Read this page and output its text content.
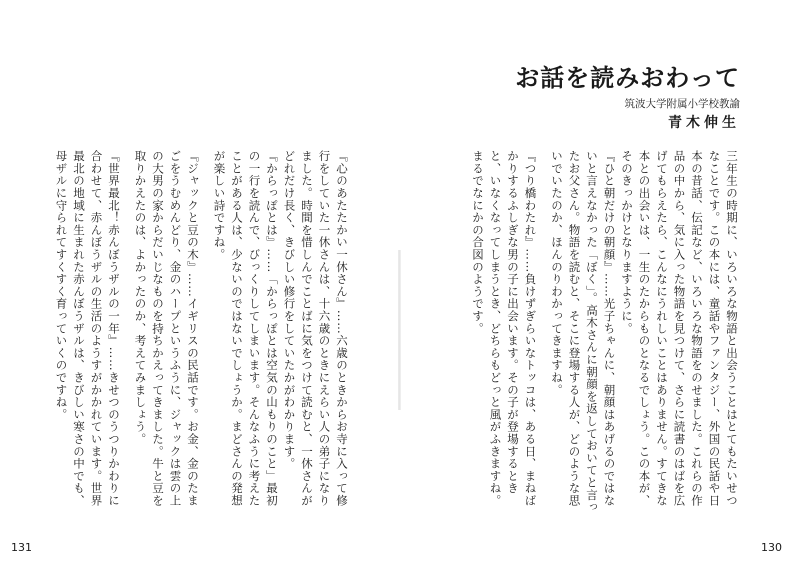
『心のあたたかい一休さん』……六歳のときからお寺に入って修行をしていた一休さんは、十六歳のときにえらい人の弟子になりました。時間を惜しんでことばに気をつけて読むと、一休さんがどれだけ長く、きびしい修行をしていたかがわかります。

『からっぽとは』……「からっぽとは空気の山もりのこと」最初の一行を読んで、びっくりしてしまいます。そんなふうに考えたことがある人は、少ないのではないでしょうか。まどさんの発想が楽しい詩ですね。

『ジャックと豆の木』……イギリスの民話です。お金、金のたまごをうむめんどり、金のハープというふうに、ジャックは雲の上の大男の家からだいじなものを持ちかえってきました。牛と豆を取りかえたのは、よかったのか、考えてみましょう。

『世界最北！赤んぼうザルの一年』……きせつのうつりかわりに合わせて、赤んぼうザルの生活のようすがかかれています。世界最北の地域に生まれた赤んぼうザルは、きびしい寒さの中でも、母ザルに守られてすくすく育っていくのですね。

131
お話を読みおわって
筑波大学附属小学校教諭
青木伸生

三年生の時期に、いろいろな物語と出会うことはとてもたいせつなことです。この本には、童話やファンタジー、外国の民話や日本の昔話、伝記など、いろいろな物語をのせました。これらの作品の中から、気に入った物語を見つけて、さらに読書のはばを広げてもらえたら、こんなにうれしいことはありません。すてきな本との出会いは、一生のたからものとなるでしょう。この本が、そのきっかけとなりますように。

『ひと朝だけの朝顔』……光子ちゃんに、朝顔はあげるのではないと言えなかった「ぼく」。高木さんに朝顔を返しておいてと言ったお父さん。物語を読むと、そこに登場する人が、どのような思いでいたのか、ほんのりわかってきますね。

『つり橋わたれ』……負けずぎらいなトッコは、ある日、まねばかりするふしぎな男の子に出会います。その子が登場するときと、いなくなってしまうとき、どちらもどっと風がふきますね。まるでなにかの合図のようです。

130
